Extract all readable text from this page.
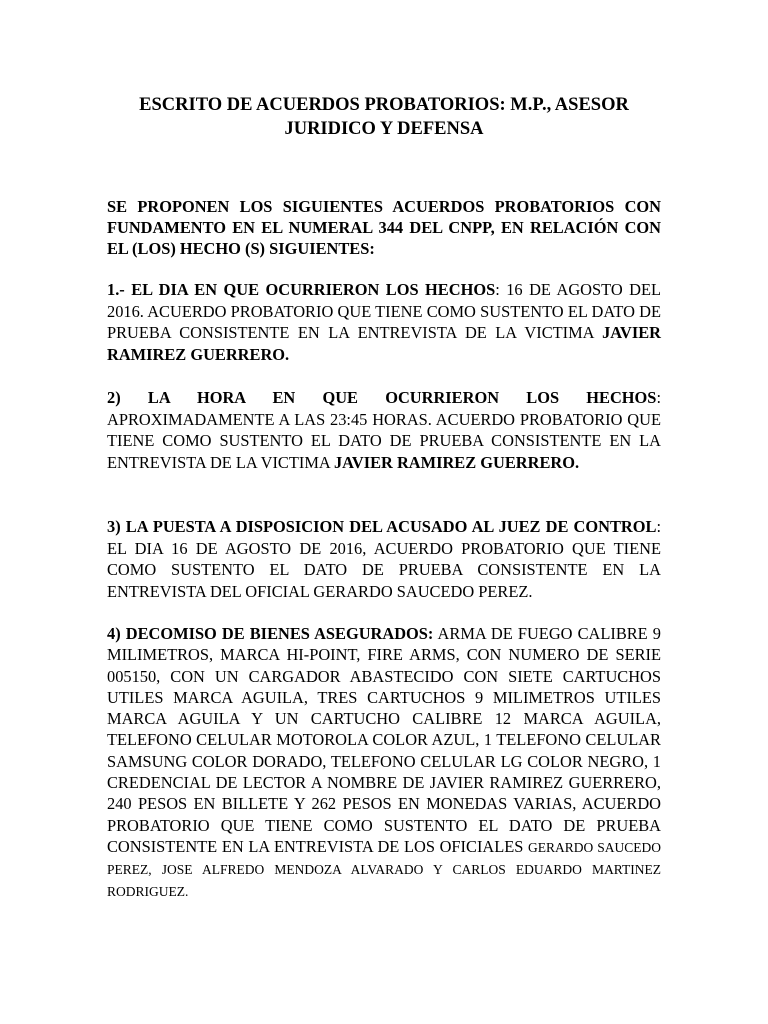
ESCRITO DE ACUERDOS PROBATORIOS: M.P., ASESOR JURIDICO Y DEFENSA

SE PROPONEN LOS SIGUIENTES ACUERDOS PROBATORIOS CON FUNDAMENTO EN EL NUMERAL 344 DEL CNPP, EN RELACIÓN CON EL (LOS) HECHO (S) SIGUIENTES:

1.- EL DIA EN QUE OCURRIERON LOS HECHOS: 16 DE AGOSTO DEL 2016. ACUERDO PROBATORIO QUE TIENE COMO SUSTENTO EL DATO DE PRUEBA CONSISTENTE EN LA ENTREVISTA DE LA VICTIMA JAVIER RAMIREZ GUERRERO.

2) LA HORA EN QUE OCURRIERON LOS HECHOS: APROXIMADAMENTE A LAS 23:45 HORAS. ACUERDO PROBATORIO QUE TIENE COMO SUSTENTO EL DATO DE PRUEBA CONSISTENTE EN LA ENTREVISTA DE LA VICTIMA JAVIER RAMIREZ GUERRERO.

3) LA PUESTA A DISPOSICION DEL ACUSADO AL JUEZ DE CONTROL: EL DIA 16 DE AGOSTO DE 2016, ACUERDO PROBATORIO QUE TIENE COMO SUSTENTO EL DATO DE PRUEBA CONSISTENTE EN LA ENTREVISTA DEL OFICIAL GERARDO SAUCEDO PEREZ.

4) DECOMISO DE BIENES ASEGURADOS: ARMA DE FUEGO CALIBRE 9 MILIMETROS, MARCA HI-POINT, FIRE ARMS, CON NUMERO DE SERIE 005150, CON UN CARGADOR ABASTECIDO CON SIETE CARTUCHOS UTILES MARCA AGUILA, TRES CARTUCHOS 9 MILIMETROS UTILES MARCA AGUILA Y UN CARTUCHO CALIBRE 12 MARCA AGUILA, TELEFONO CELULAR MOTOROLA COLOR AZUL, 1 TELEFONO CELULAR SAMSUNG COLOR DORADO, TELEFONO CELULAR LG COLOR NEGRO, 1 CREDENCIAL DE LECTOR A NOMBRE DE JAVIER RAMIREZ GUERRERO, 240 PESOS EN BILLETE Y 262 PESOS EN MONEDAS VARIAS, ACUERDO PROBATORIO QUE TIENE COMO SUSTENTO EL DATO DE PRUEBA CONSISTENTE EN LA ENTREVISTA DE LOS OFICIALES GERARDO SAUCEDO PEREZ, JOSE ALFREDO MENDOZA ALVARADO Y CARLOS EDUARDO MARTINEZ RODRIGUEZ.
